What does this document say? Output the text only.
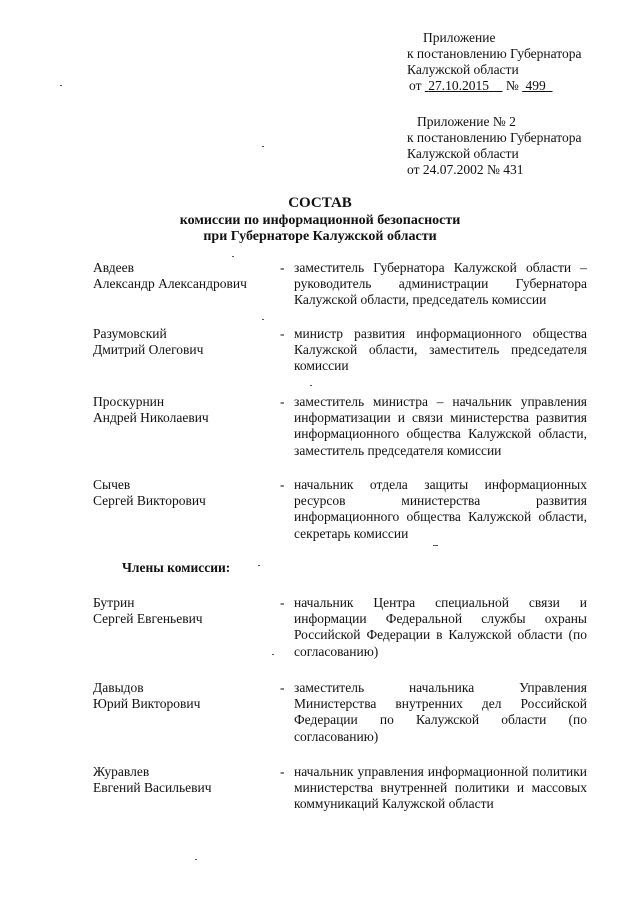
Приложение
к постановлению Губернатора
Калужской области
от 27.10.2015 № 499
Приложение № 2
к постановлению Губернатора
Калужской области
от 24.07.2002 № 431
СОСТАВ
комиссии по информационной безопасности
при Губернаторе Калужской области
Авдеев
Александр Александрович
- заместитель Губернатора Калужской области – руководитель администрации Губернатора Калужской области, председатель комиссии
Разумовский
Дмитрий Олегович
- министр развития информационного общества Калужской области, заместитель председателя комиссии
Проскурнин
Андрей Николаевич
- заместитель министра – начальник управления информатизации и связи министерства развития информационного общества Калужской области, заместитель председателя комиссии
Сычев
Сергей Викторович
- начальник отдела защиты информационных ресурсов министерства развития информационного общества Калужской области, секретарь комиссии
Члены комиссии:
Бутрин
Сергей Евгеньевич
- начальник Центра специальной связи и информации Федеральной службы охраны Российской Федерации в Калужской области (по согласованию)
Давыдов
Юрий Викторович
- заместитель начальника Управления Министерства внутренних дел Российской Федерации по Калужской области (по согласованию)
Журавлев
Евгений Васильевич
- начальник управления информационной политики министерства внутренней политики и массовых коммуникаций Калужской области
